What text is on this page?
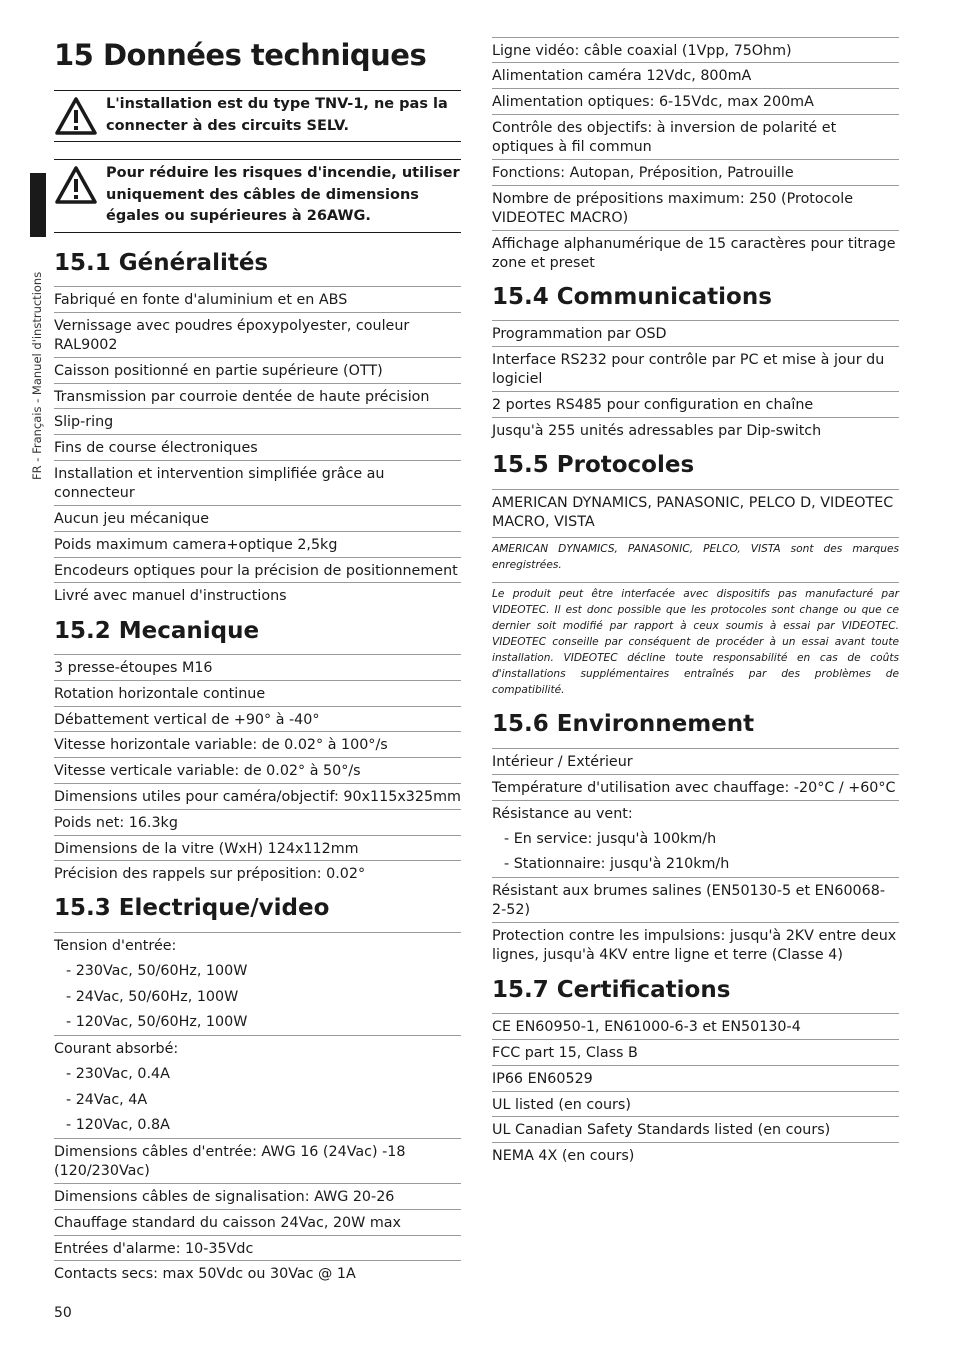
15 Données techniques
FR - Français - Manuel d'instructions
L'installation est du type TNV-1, ne pas la connecter à des circuits SELV.
Pour réduire les risques d'incendie, utiliser uniquement des câbles de dimensions égales ou supérieures à 26AWG.
15.1 Généralités
Fabriqué en fonte d'aluminium et en ABS
Vernissage avec poudres époxypolyester, couleur RAL9002
Caisson positionné en partie supérieure (OTT)
Transmission par courroie dentée de haute précision
Slip-ring
Fins de course électroniques
Installation et intervention simplifiée grâce au connecteur
Aucun jeu mécanique
Poids maximum camera+optique 2,5kg
Encodeurs optiques pour la précision de positionnement
Livré avec manuel d'instructions
15.2 Mecanique
3 presse-étoupes M16
Rotation horizontale continue
Débattement vertical de +90° à -40°
Vitesse horizontale variable: de 0.02° à 100°/s
Vitesse verticale variable: de 0.02° à 50°/s
Dimensions utiles pour caméra/objectif: 90x115x325mm
Poids net: 16.3kg
Dimensions de la vitre (WxH) 124x112mm
Précision des rappels sur préposition: 0.02°
15.3 Electrique/video
Tension d'entrée:
- 230Vac, 50/60Hz, 100W
- 24Vac, 50/60Hz, 100W
- 120Vac, 50/60Hz, 100W
Courant absorbé:
- 230Vac, 0.4A
- 24Vac, 4A
- 120Vac, 0.8A
Dimensions câbles d'entrée: AWG 16 (24Vac) -18 (120/230Vac)
Dimensions câbles de signalisation: AWG 20-26
Chauffage standard du caisson 24Vac, 20W max
Entrées d'alarme: 10-35Vdc
Contacts secs: max 50Vdc ou 30Vac @ 1A
Ligne vidéo: câble coaxial (1Vpp, 75Ohm)
Alimentation caméra 12Vdc, 800mA
Alimentation optiques: 6-15Vdc, max 200mA
Contrôle des objectifs: à inversion de polarité et optiques à fil commun
Fonctions: Autopan, Préposition, Patrouille
Nombre de prépositions maximum: 250 (Protocole VIDEOTEC MACRO)
Affichage alphanumérique de 15 caractères pour titrage zone et preset
15.4 Communications
Programmation par OSD
Interface RS232 pour contrôle par PC et mise à jour du logiciel
2 portes RS485 pour configuration en chaîne
Jusqu'à 255 unités adressables par Dip-switch
15.5 Protocoles
AMERICAN DYNAMICS, PANASONIC, PELCO D, VIDEOTEC MACRO, VISTA
AMERICAN DYNAMICS, PANASONIC, PELCO, VISTA sont des marques enregistrées.
Le produit peut être interfacée avec dispositifs pas manufacturé par VIDEOTEC. Il est donc possible que les protocoles sont change ou que ce dernier soit modifié par rapport à ceux soumis à essai par VIDEOTEC. VIDEOTEC conseille par conséquent de procéder à un essai avant toute installation. VIDEOTEC décline toute responsabilité en cas de coûts d'installations supplémentaires entraînés par des problèmes de compatibilité.
15.6 Environnement
Intérieur / Extérieur
Température d'utilisation avec chauffage: -20°C / +60°C
Résistance au vent:
- En service: jusqu'à 100km/h
- Stationnaire: jusqu'à 210km/h
Résistant aux brumes salines (EN50130-5 et EN60068-2-52)
Protection contre les impulsions: jusqu'à 2KV entre deux lignes, jusqu'à 4KV entre ligne et terre (Classe 4)
15.7 Certifications
CE EN60950-1, EN61000-6-3 et EN50130-4
FCC part 15, Class B
IP66 EN60529
UL listed (en cours)
UL Canadian Safety Standards listed (en cours)
NEMA 4X (en cours)
50
